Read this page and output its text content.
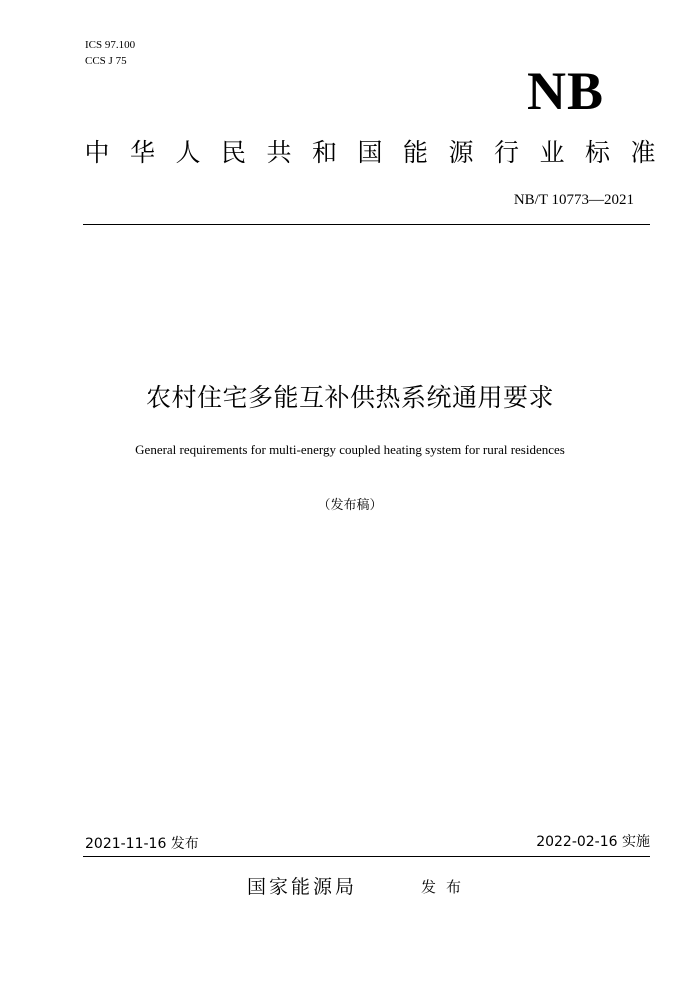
ICS 97.100
CCS J 75	NB
中 华 人 民 共 和 国 能 源 行 业 标 准
NB/T 10773—2021
农村住宅多能互补供热系统通用要求
General requirements for multi-energy coupled heating system for rural residences
（发布稿）
2021-11-16 发布	2022-02-16 实施
国家能源局	发布
